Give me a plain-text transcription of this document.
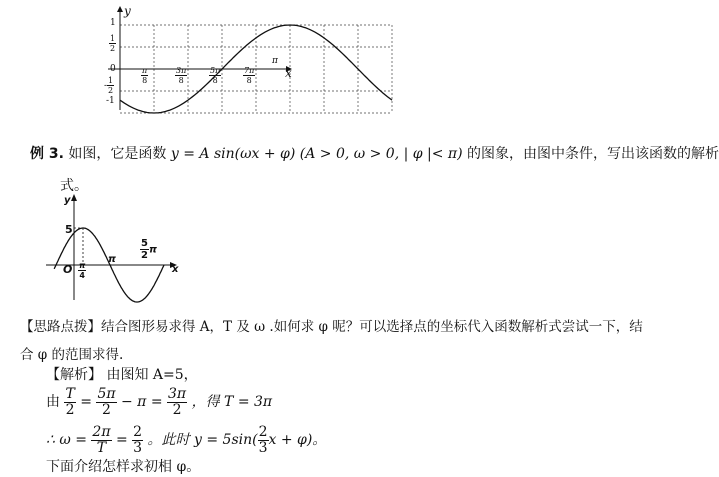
y
x
1
$\frac{1}{2}$
0
- $\frac{1}{2}$
-1
$\frac{\pi}{8}$	$\frac{3\pi}{8}$	$\frac{5\pi}{8}$	$\frac{7\pi}{8}$
π
例 3. 如图，它是函数 y = A sin(ωx + φ) (A > 0, ω > 0, | φ |< π) 的图象，由图中条件，写出该函数的解析
式。
y
x
5
O $\frac{\pi}{4}$
π $\frac{5}{2}$ π
【思路点拨】结合图形易求得 A，T 及 ω .如何求 φ 呢？可以选择点的坐标代入函数解析式尝试一下，结
合 φ 的范围求得.
【解析】 由图知 A=5，
由 $\frac{T}{2} = \frac{5\pi}{2} - \pi = \frac{3\pi}{2}$ ，得 T = 3π
∴ $\omega = \frac{2\pi}{T} = \frac{2}{3}$ 。此时 $y = 5\sin( \frac{2}{3}$ x + φ)。
下面介绍怎样求初相 φ。
